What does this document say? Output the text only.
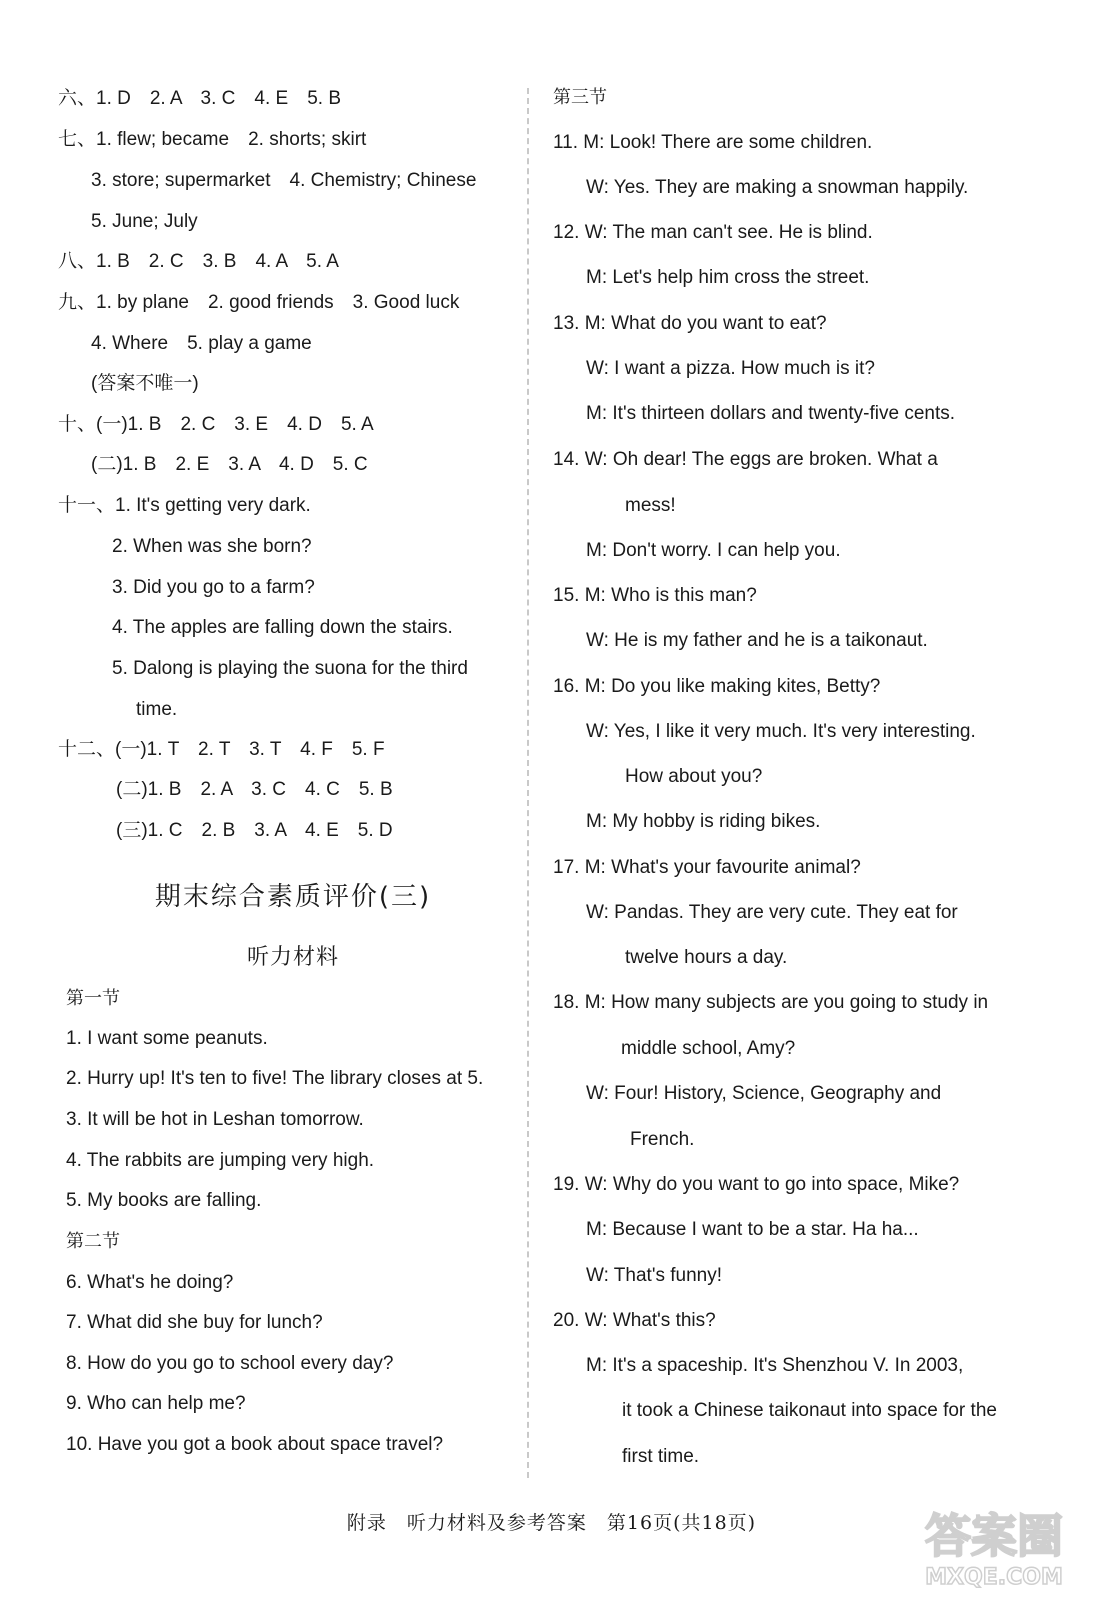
期末综合素质评价(三)
听力材料
六、1. D　2. A　3. C　4. E　5. B
七、1. flew; became　2. shorts; skirt
3. store; supermarket　4. Chemistry; Chinese
5. June; July
八、1. B　2. C　3. B　4. A　5. A
九、1. by plane　2. good friends　3. Good luck
4. Where　5. play a game
(答案不唯一)
十、(一)1. B　2. C　3. E　4. D　5. A
(二)1. B　2. E　3. A　4. D　5. C
十一、1. It's getting very dark.
2. When was she born?
3. Did you go to a farm?
4. The apples are falling down the stairs.
5. Dalong is playing the suona for the third
time.
十二、(一)1. T　2. T　3. T　4. F　5. F
(二)1. B　2. A　3. C　4. C　5. B
(三)1. C　2. B　3. A　4. E　5. D
第一节
1. I want some peanuts.
2. Hurry up! It's ten to five! The library closes at 5.
3. It will be hot in Leshan tomorrow.
4. The rabbits are jumping very high.
5. My books are falling.
第二节
6. What's he doing?
7. What did she buy for lunch?
8. How do you go to school every day?
9. Who can help me?
10. Have you got a book about space travel?
第三节
11. M: Look! There are some children.
W: Yes. They are making a snowman happily.
12. W: The man can't see. He is blind.
M: Let's help him cross the street.
13. M: What do you want to eat?
W: I want a pizza. How much is it?
M: It's thirteen dollars and twenty-five cents.
14. W: Oh dear! The eggs are broken. What a
mess!
M: Don't worry. I can help you.
15. M: Who is this man?
W: He is my father and he is a taikonaut.
16. M: Do you like making kites, Betty?
W: Yes, I like it very much. It's very interesting.
How about you?
M: My hobby is riding bikes.
17. M: What's your favourite animal?
W: Pandas. They are very cute. They eat for
twelve hours a day.
18. M: How many subjects are you going to study in
middle school, Amy?
W: Four! History, Science, Geography and
French.
19. W: Why do you want to go into space, Mike?
M: Because I want to be a star. Ha ha...
W: That's funny!
20. W: What's this?
M: It's a spaceship. It's Shenzhou V. In 2003,
it took a Chinese taikonaut into space for the
first time.
附录　听力材料及参考答案　第16页(共18页)	答案圈
MXQE.COM
